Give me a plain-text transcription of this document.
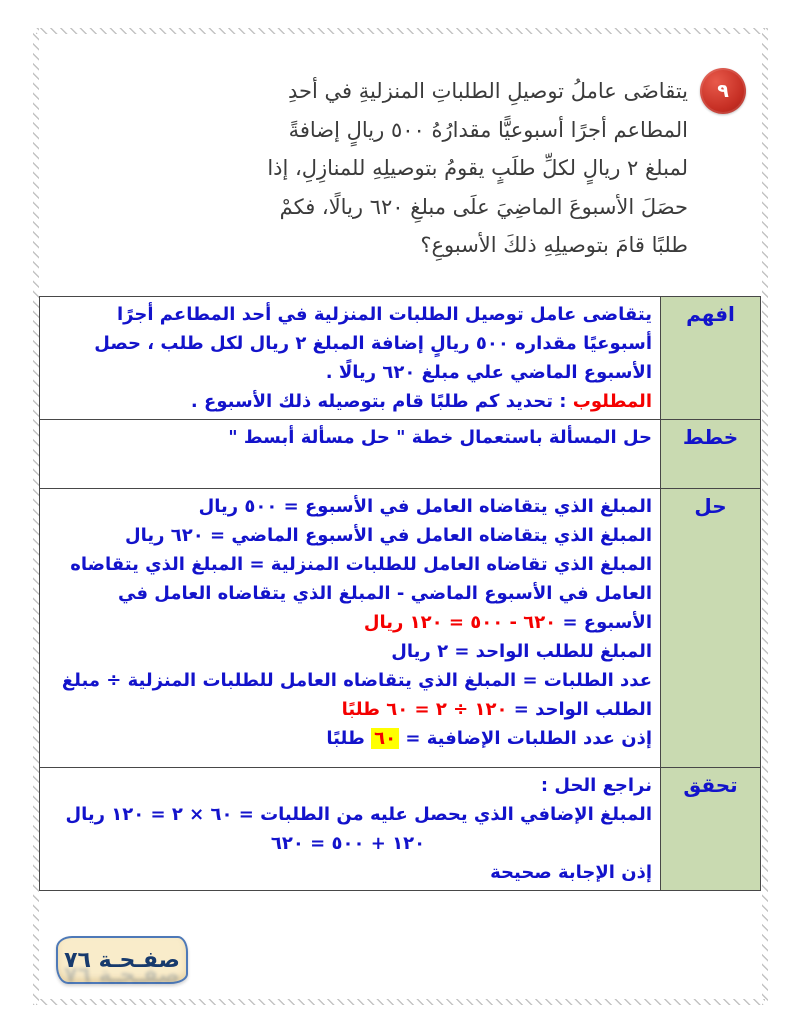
٩
يتقاضَى عاملُ توصيلِ الطلباتِ المنزليةِ في أحدِ
المطاعم أجرًا أسبوعيًّا مقدارُهُ ٥٠٠ ريالٍ إضافةً
لمبلغ ٢ ريالٍ لكلِّ طلَبٍ يقومُ بتوصيلِهِ للمنازِلِ، إذا
حصَلَ الأسبوعَ الماضِيَ علَى مبلغِ ٦٢٠ ريالًا، فكمْ
طلبًا قامَ بتوصيلِهِ ذلكَ الأسبوعِ؟
افهم	يتقاضى عامل توصيل الطلبات المنزلية في أحد المطاعم أجرًا أسبوعيًا مقداره ٥٠٠ ريالٍ إضافة المبلغ ٢ ريال لكل طلب ، حصل الأسبوع الماضي علي مبلغ ٦٢٠ ريالًا .
المطلوب : تحديد كم طلبًا قام بتوصيله ذلك الأسبوع .

خطط	حل المسألة باستعمال خطة " حل مسألة أبسط "

حل	
المبلغ الذي يتقاضاه العامل في الأسبوع = ٥٠٠ ريال
المبلغ الذي يتقاضاه العامل في الأسبوع الماضي = ٦٢٠ ريال
المبلغ الذي تقاضاه العامل للطلبات المنزلية = المبلغ الذي يتقاضاه العامل في الأسبوع الماضي - المبلغ الذي يتقاضاه العامل في الأسبوع = ٦٢٠ - ٥٠٠ = ١٢٠ ريال
المبلغ للطلب الواحد = ٢ ريال
عدد الطلبات = المبلغ الذي يتقاضاه العامل للطلبات المنزلية ÷ مبلغ الطلب الواحد = ١٢٠ ÷ ٢ = ٦٠ طلبًا
إذن عدد الطلبات الإضافية = ٦٠ طلبًا

تحقق	نراجع الحل :
المبلغ الإضافي الذي يحصل عليه من الطلبات = ٦٠ × ٢ = ١٢٠ ريال
١٢٠ + ٥٠٠ = ٦٢٠
إذن الإجابة صحيحة
صفـحـة ٧٦
